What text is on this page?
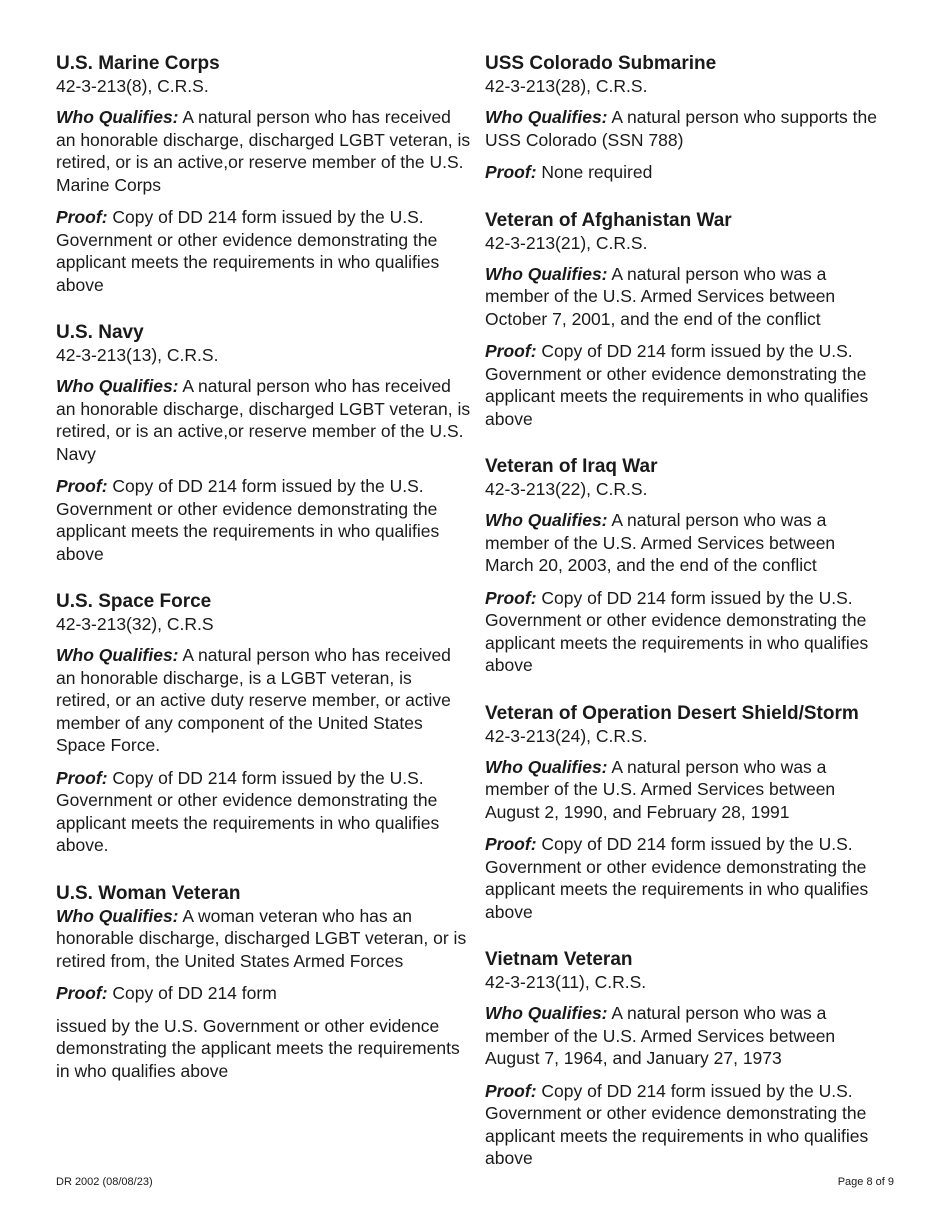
U.S. Marine Corps

42-3-213(8), C.R.S.

Who Qualifies: A natural person who has received an honorable discharge, discharged LGBT veteran, is retired, or is an active,or reserve member of the U.S. Marine Corps

Proof: Copy of DD 214 form issued by the U.S. Government or other evidence demonstrating the applicant meets the requirements in who qualifies above

U.S. Navy

42-3-213(13), C.R.S.

Who Qualifies: A natural person who has received an honorable discharge, discharged LGBT veteran, is retired, or is an active,or reserve member of the U.S. Navy

Proof: Copy of DD 214 form issued by the U.S. Government or other evidence demonstrating the applicant meets the requirements in who qualifies above

U.S. Space Force

42-3-213(32), C.R.S

Who Qualifies: A natural person who has received an honorable discharge, is a LGBT veteran, is retired, or an active duty reserve member, or active member of any component of the United States Space Force.

Proof: Copy of DD 214 form issued by the U.S. Government or other evidence demonstrating the applicant meets the requirements in who qualifies above.

U.S. Woman Veteran

Who Qualifies: A woman veteran who has an honorable discharge, discharged LGBT veteran, or is retired from, the United States Armed Forces

Proof: Copy of DD 214 form

issued by the U.S. Government or other evidence demonstrating the applicant meets the requirements in who qualifies above

USS Colorado Submarine

42-3-213(28), C.R.S.

Who Qualifies: A natural person who supports the USS Colorado (SSN 788)

Proof: None required

Veteran of Afghanistan War

42-3-213(21), C.R.S.

Who Qualifies: A natural person who was a member of the U.S. Armed Services between October 7, 2001, and the end of the conflict

Proof: Copy of DD 214 form issued by the U.S. Government or other evidence demonstrating the applicant meets the requirements in who qualifies above

Veteran of Iraq War

42-3-213(22), C.R.S.

Who Qualifies: A natural person who was a member of the U.S. Armed Services between March 20, 2003, and the end of the conflict

Proof: Copy of DD 214 form issued by the U.S. Government or other evidence demonstrating the applicant meets the requirements in who qualifies above

Veteran of Operation Desert Shield/Storm

42-3-213(24), C.R.S.

Who Qualifies: A natural person who was a member of the U.S. Armed Services between August 2, 1990, and February 28, 1991

Proof: Copy of DD 214 form issued by the U.S. Government or other evidence demonstrating the applicant meets the requirements in who qualifies above

Vietnam Veteran

42-3-213(11), C.R.S.

Who Qualifies: A natural person who was a member of the U.S. Armed Services between August 7, 1964, and January 27, 1973

Proof: Copy of DD 214 form issued by the U.S. Government or other evidence demonstrating the applicant meets the requirements in who qualifies above

DR 2002 (08/08/23)	Page 8 of 9
